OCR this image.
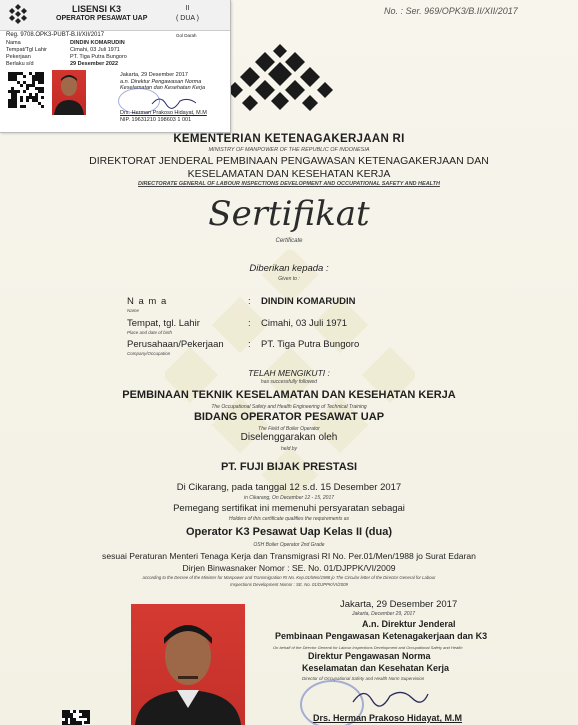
No. : Ser. 969/OPK3/B.II/XII/2017
LISENSI K3
OPERATOR PESAWAT UAP
II
( DUA )
Reg. 9708.OPK3-PUBT-B.II/XII/2017	Gol Darah
Nama	DINDIN KOMARUDIN
Tempat/Tgl Lahir	Cimahi, 03 Juli 1971
Pekerjaan	PT. Tiga Putra Bungoro
Berlaku s/d	29 Desember 2022
Jakarta, 29 Desember 2017
a.n. Direktur Pengawasan Norma
Keselamatan dan Kesehatan Kerja
Drs. Herman Prakoso Hidayat, M.M
NIP. 19631210 198603 1 001
KEMENTERIAN KETENAGAKERJAAN RI
MINISTRY OF MANPOWER OF THE REPUBLIC OF INDONESIA
DIREKTORAT JENDERAL PEMBINAAN PENGAWASAN KETENAGAKERJAAN DAN
KESELAMATAN DAN KESEHATAN KERJA
DIRECTORATE GENERAL OF LABOUR INSPECTIONS DEVELOPMENT AND OCCUPATIONAL SAFETY AND HEALTH
Sertifikat
Certificate
Diberikan kepada :
Given to :
N a m a
Name
: DINDIN KOMARUDIN
Tempat, tgl. Lahir
Place and date of birth
: Cimahi, 03 Juli 1971
Perusahaan/Pekerjaan
Company/Occupation
: PT. Tiga Putra Bungoro
TELAH MENGIKUTI :
has successfully followed
PEMBINAAN TEKNIK KESELAMATAN DAN KESEHATAN KERJA
The Occupational Safety and Health Engineering of Technical Training
BIDANG OPERATOR PESAWAT UAP
The Field of Boiler Operator
Diselenggarakan oleh
held by
PT. FUJI BIJAK PRESTASI
Di Cikarang, pada tanggal 12 s.d. 15 Desember 2017
in Cikarang, On December 12 - 15, 2017
Pemegang sertifikat ini memenuhi persyaratan sebagai
Holders of this certificate qualifies the requirements as
Operator K3 Pesawat Uap Kelas II (dua)
OSH Boiler Operator 2nd Grade
sesuai Peraturan Menteri Tenaga Kerja dan Transmigrasi RI No. Per.01/Men/1988 jo Surat Edaran
Dirjen Binwasnaker Nomor : SE. No. 01/DJPPK/VI/2009
according to the Decree of the Minister for Manpower and Transmigration RI No. Kep.01/Men/1988 jo The Circular letter of the Director General for Labour
Inspections Development Nomor : SE. No. 01/DJPPK/VI/2009
Jakarta, 29 Desember 2017
Jakarta, December 29, 2017
A.n. Direktur Jenderal
Pembinaan Pengawasan Ketenagakerjaan dan K3
On behalf of the Director General for Labour Inspections Development and Occupational Safety and Health
Direktur Pengawasan Norma
Keselamatan dan Kesehatan Kerja
Director of Occupational Safety and Health Norm Supervision
Drs. Herman Prakoso Hidayat, M.M
